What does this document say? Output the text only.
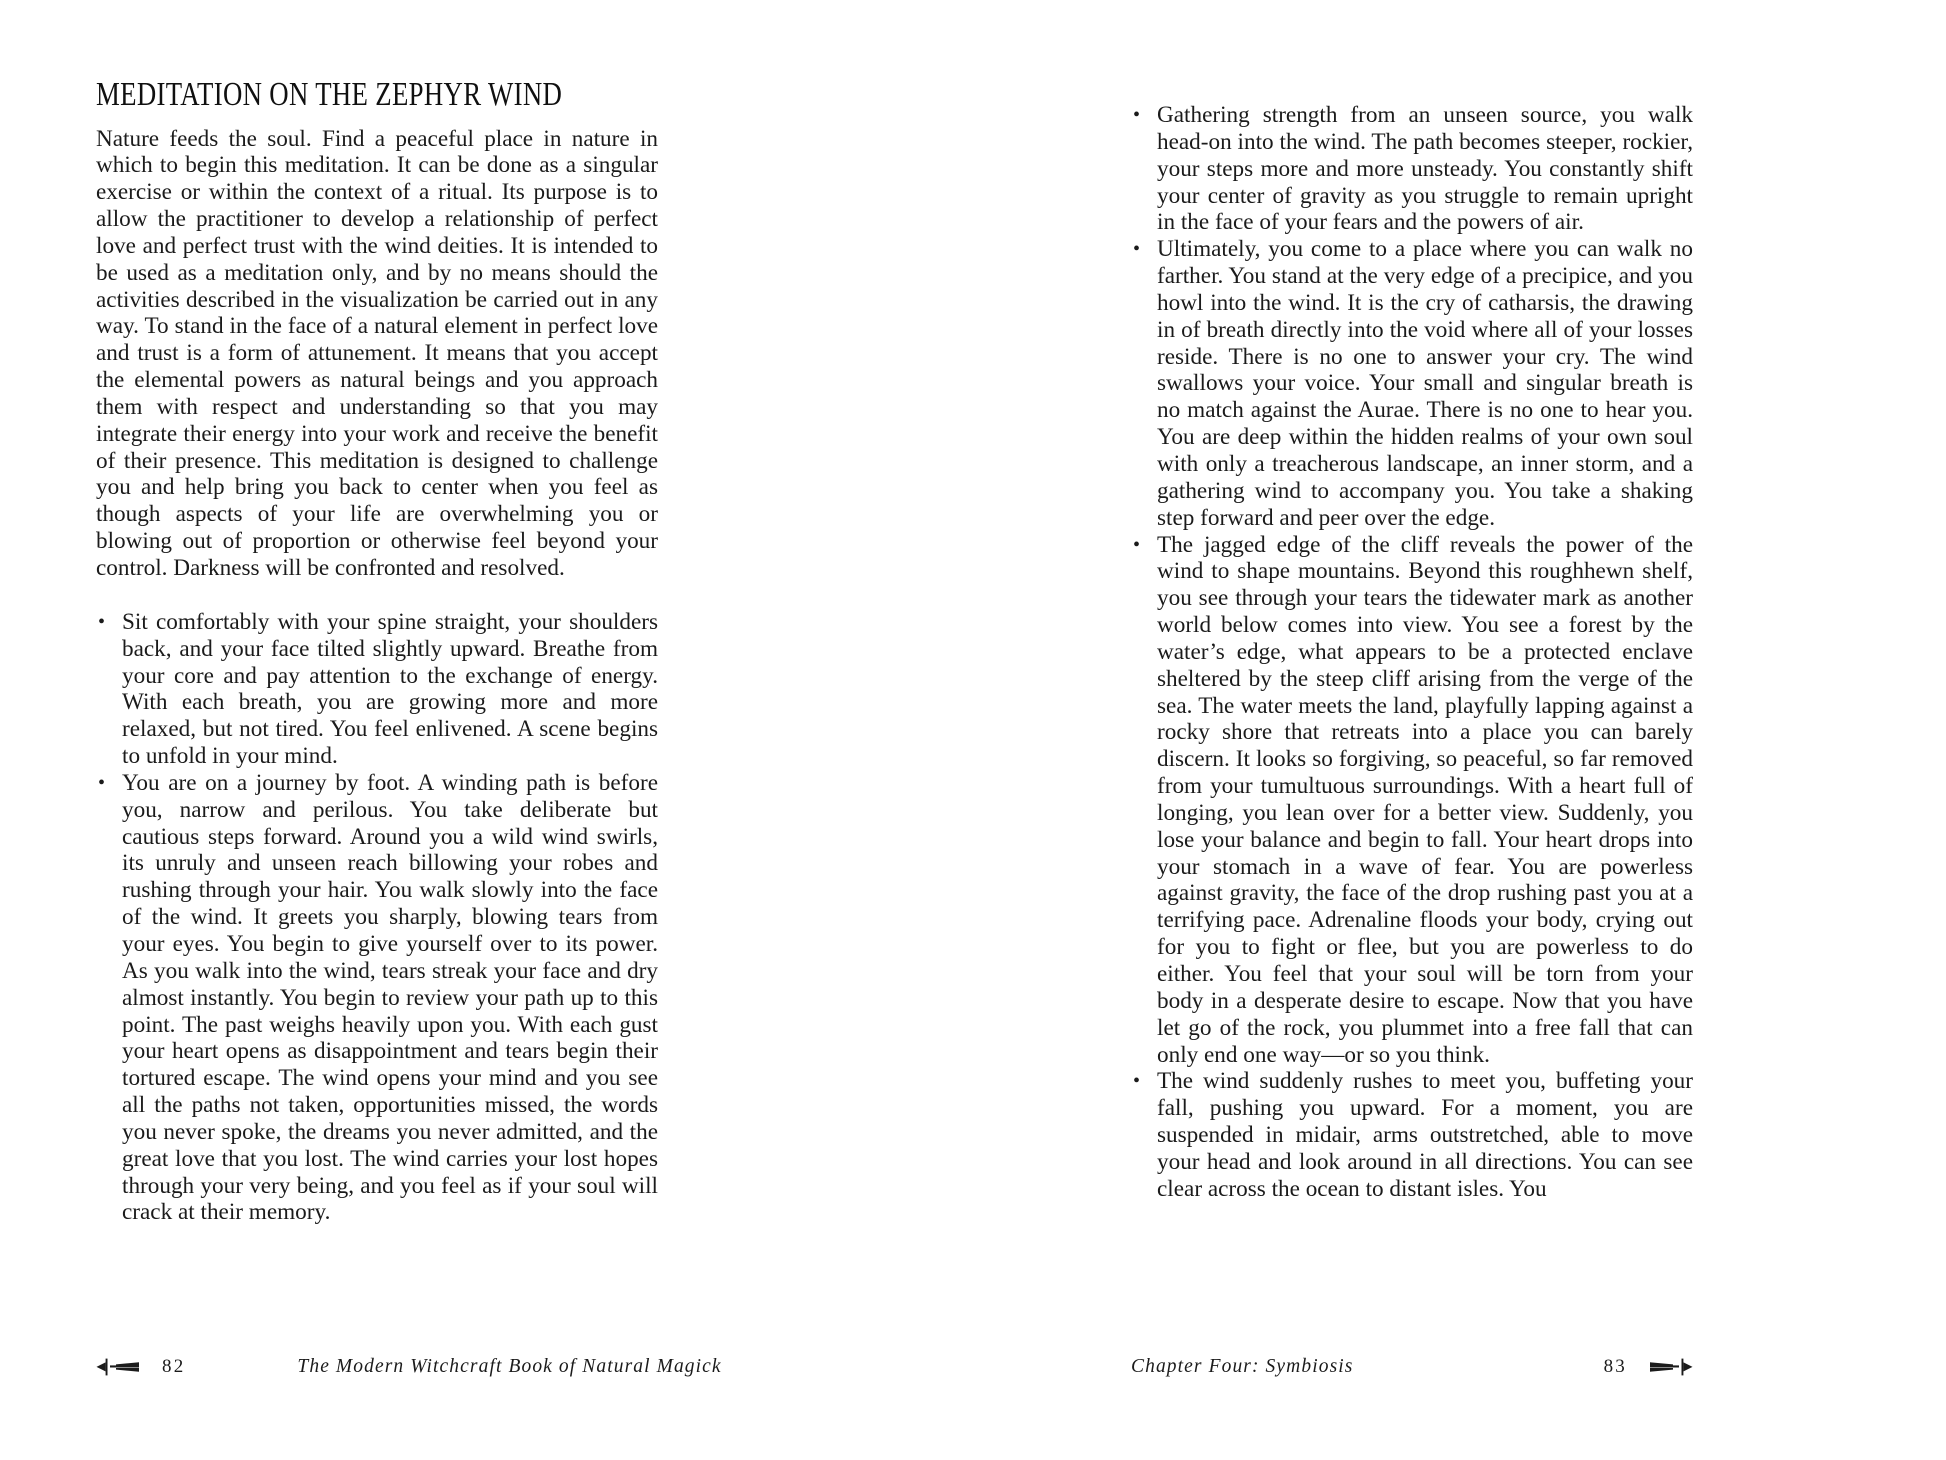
MEDITATION ON THE ZEPHYR WIND

Nature feeds the soul. Find a peaceful place in nature in which to begin this meditation. It can be done as a singular exercise or within the context of a ritual. Its purpose is to allow the practitioner to develop a relationship of perfect love and perfect trust with the wind deities. It is intended to be used as a meditation only, and by no means should the activities described in the visualization be carried out in any way. To stand in the face of a natural element in perfect love and trust is a form of attunement. It means that you accept the elemental powers as natural beings and you approach them with respect and understanding so that you may integrate their energy into your work and receive the benefit of their presence. This meditation is designed to challenge you and help bring you back to center when you feel as though aspects of your life are overwhelming you or blowing out of proportion or otherwise feel beyond your control. Darkness will be confronted and resolved.

• Sit comfortably with your spine straight, your shoulders back, and your face tilted slightly upward. Breathe from your core and pay attention to the exchange of energy. With each breath, you are growing more and more relaxed, but not tired. You feel enlivened. A scene begins to unfold in your mind.
• You are on a journey by foot. A winding path is before you, narrow and perilous. You take deliberate but cautious steps forward. Around you a wild wind swirls, its unruly and unseen reach billowing your robes and rushing through your hair. You walk slowly into the face of the wind. It greets you sharply, blowing tears from your eyes. You begin to give yourself over to its power. As you walk into the wind, tears streak your face and dry almost instantly. You begin to review your path up to this point. The past weighs heavily upon you. With each gust your heart opens as disappointment and tears begin their tortured escape. The wind opens your mind and you see all the paths not taken, opportunities missed, the words you never spoke, the dreams you never admitted, and the great love that you lost. The wind carries your lost hopes through your very being, and you feel as if your soul will crack at their memory.
82	The Modern Witchcraft Book of Natural Magick
• Gathering strength from an unseen source, you walk head-on into the wind. The path becomes steeper, rockier, your steps more and more unsteady. You constantly shift your center of gravity as you struggle to remain upright in the face of your fears and the powers of air.
• Ultimately, you come to a place where you can walk no farther. You stand at the very edge of a precipice, and you howl into the wind. It is the cry of catharsis, the drawing in of breath directly into the void where all of your losses reside. There is no one to answer your cry. The wind swallows your voice. Your small and singular breath is no match against the Aurae. There is no one to hear you. You are deep within the hidden realms of your own soul with only a treacherous landscape, an inner storm, and a gathering wind to accompany you. You take a shaking step forward and peer over the edge.
• The jagged edge of the cliff reveals the power of the wind to shape mountains. Beyond this roughhewn shelf, you see through your tears the tidewater mark as another world below comes into view. You see a forest by the water’s edge, what appears to be a protected enclave sheltered by the steep cliff arising from the verge of the sea. The water meets the land, playfully lapping against a rocky shore that retreats into a place you can barely discern. It looks so forgiving, so peaceful, so far removed from your tumultuous surroundings. With a heart full of longing, you lean over for a better view. Suddenly, you lose your balance and begin to fall. Your heart drops into your stomach in a wave of fear. You are powerless against gravity, the face of the drop rushing past you at a terrifying pace. Adrenaline floods your body, crying out for you to fight or flee, but you are powerless to do either. You feel that your soul will be torn from your body in a desperate desire to escape. Now that you have let go of the rock, you plummet into a free fall that can only end one way—or so you think.
• The wind suddenly rushes to meet you, buffeting your fall, pushing you upward. For a moment, you are suspended in midair, arms outstretched, able to move your head and look around in all directions. You can see clear across the ocean to distant isles. You
Chapter Four: Symbiosis	83
